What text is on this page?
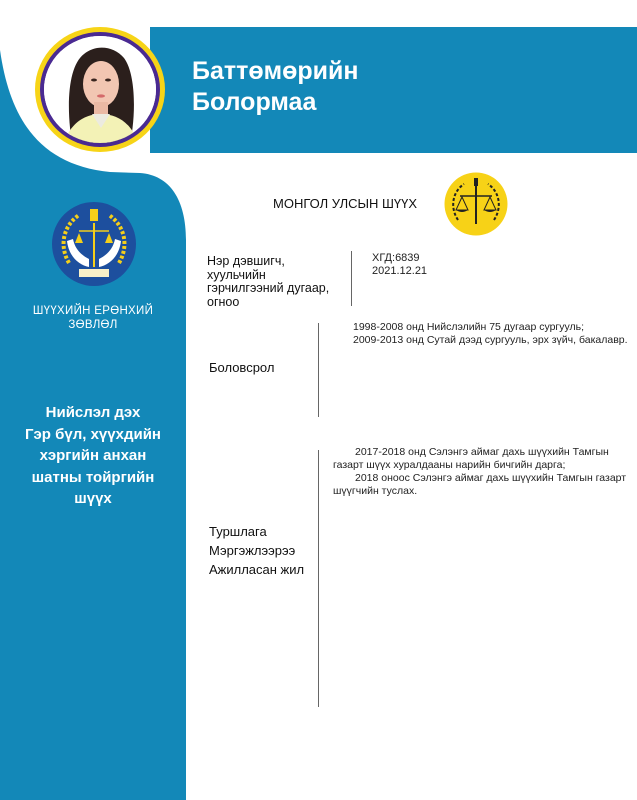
Баттөмөрийн
Болормаа
ШҮҮХИЙН ЕРӨНХИЙ
ЗӨВЛӨЛ
Нийслэл дэх
Гэр бүл, хүүхдийн
хэргийн анхан
шатны тойргийн
шүүх
МОНГОЛ УЛСЫН ШҮҮХ
Нэр дэвшигч,
хуульчийн
гэрчилгээний дугаар,
огноо
ХГД:6839
2021.12.21
Боловсрол
1998-2008 онд Нийслэлийн 75 дугаар сургууль;
2009-2013 онд Сутай дээд сургууль, эрх зүйч, бакалавр.
Туршлага
Мэргэжлээрээ
Ажилласан жил
2017-2018 онд Сэлэнгэ аймаг дахь шүүхийн Тамгын газарт шүүх хуралдааны нарийн бичгийн дарга;
2018 оноос Сэлэнгэ аймаг дахь шүүхийн Тамгын газарт шүүгчийн туслах.
